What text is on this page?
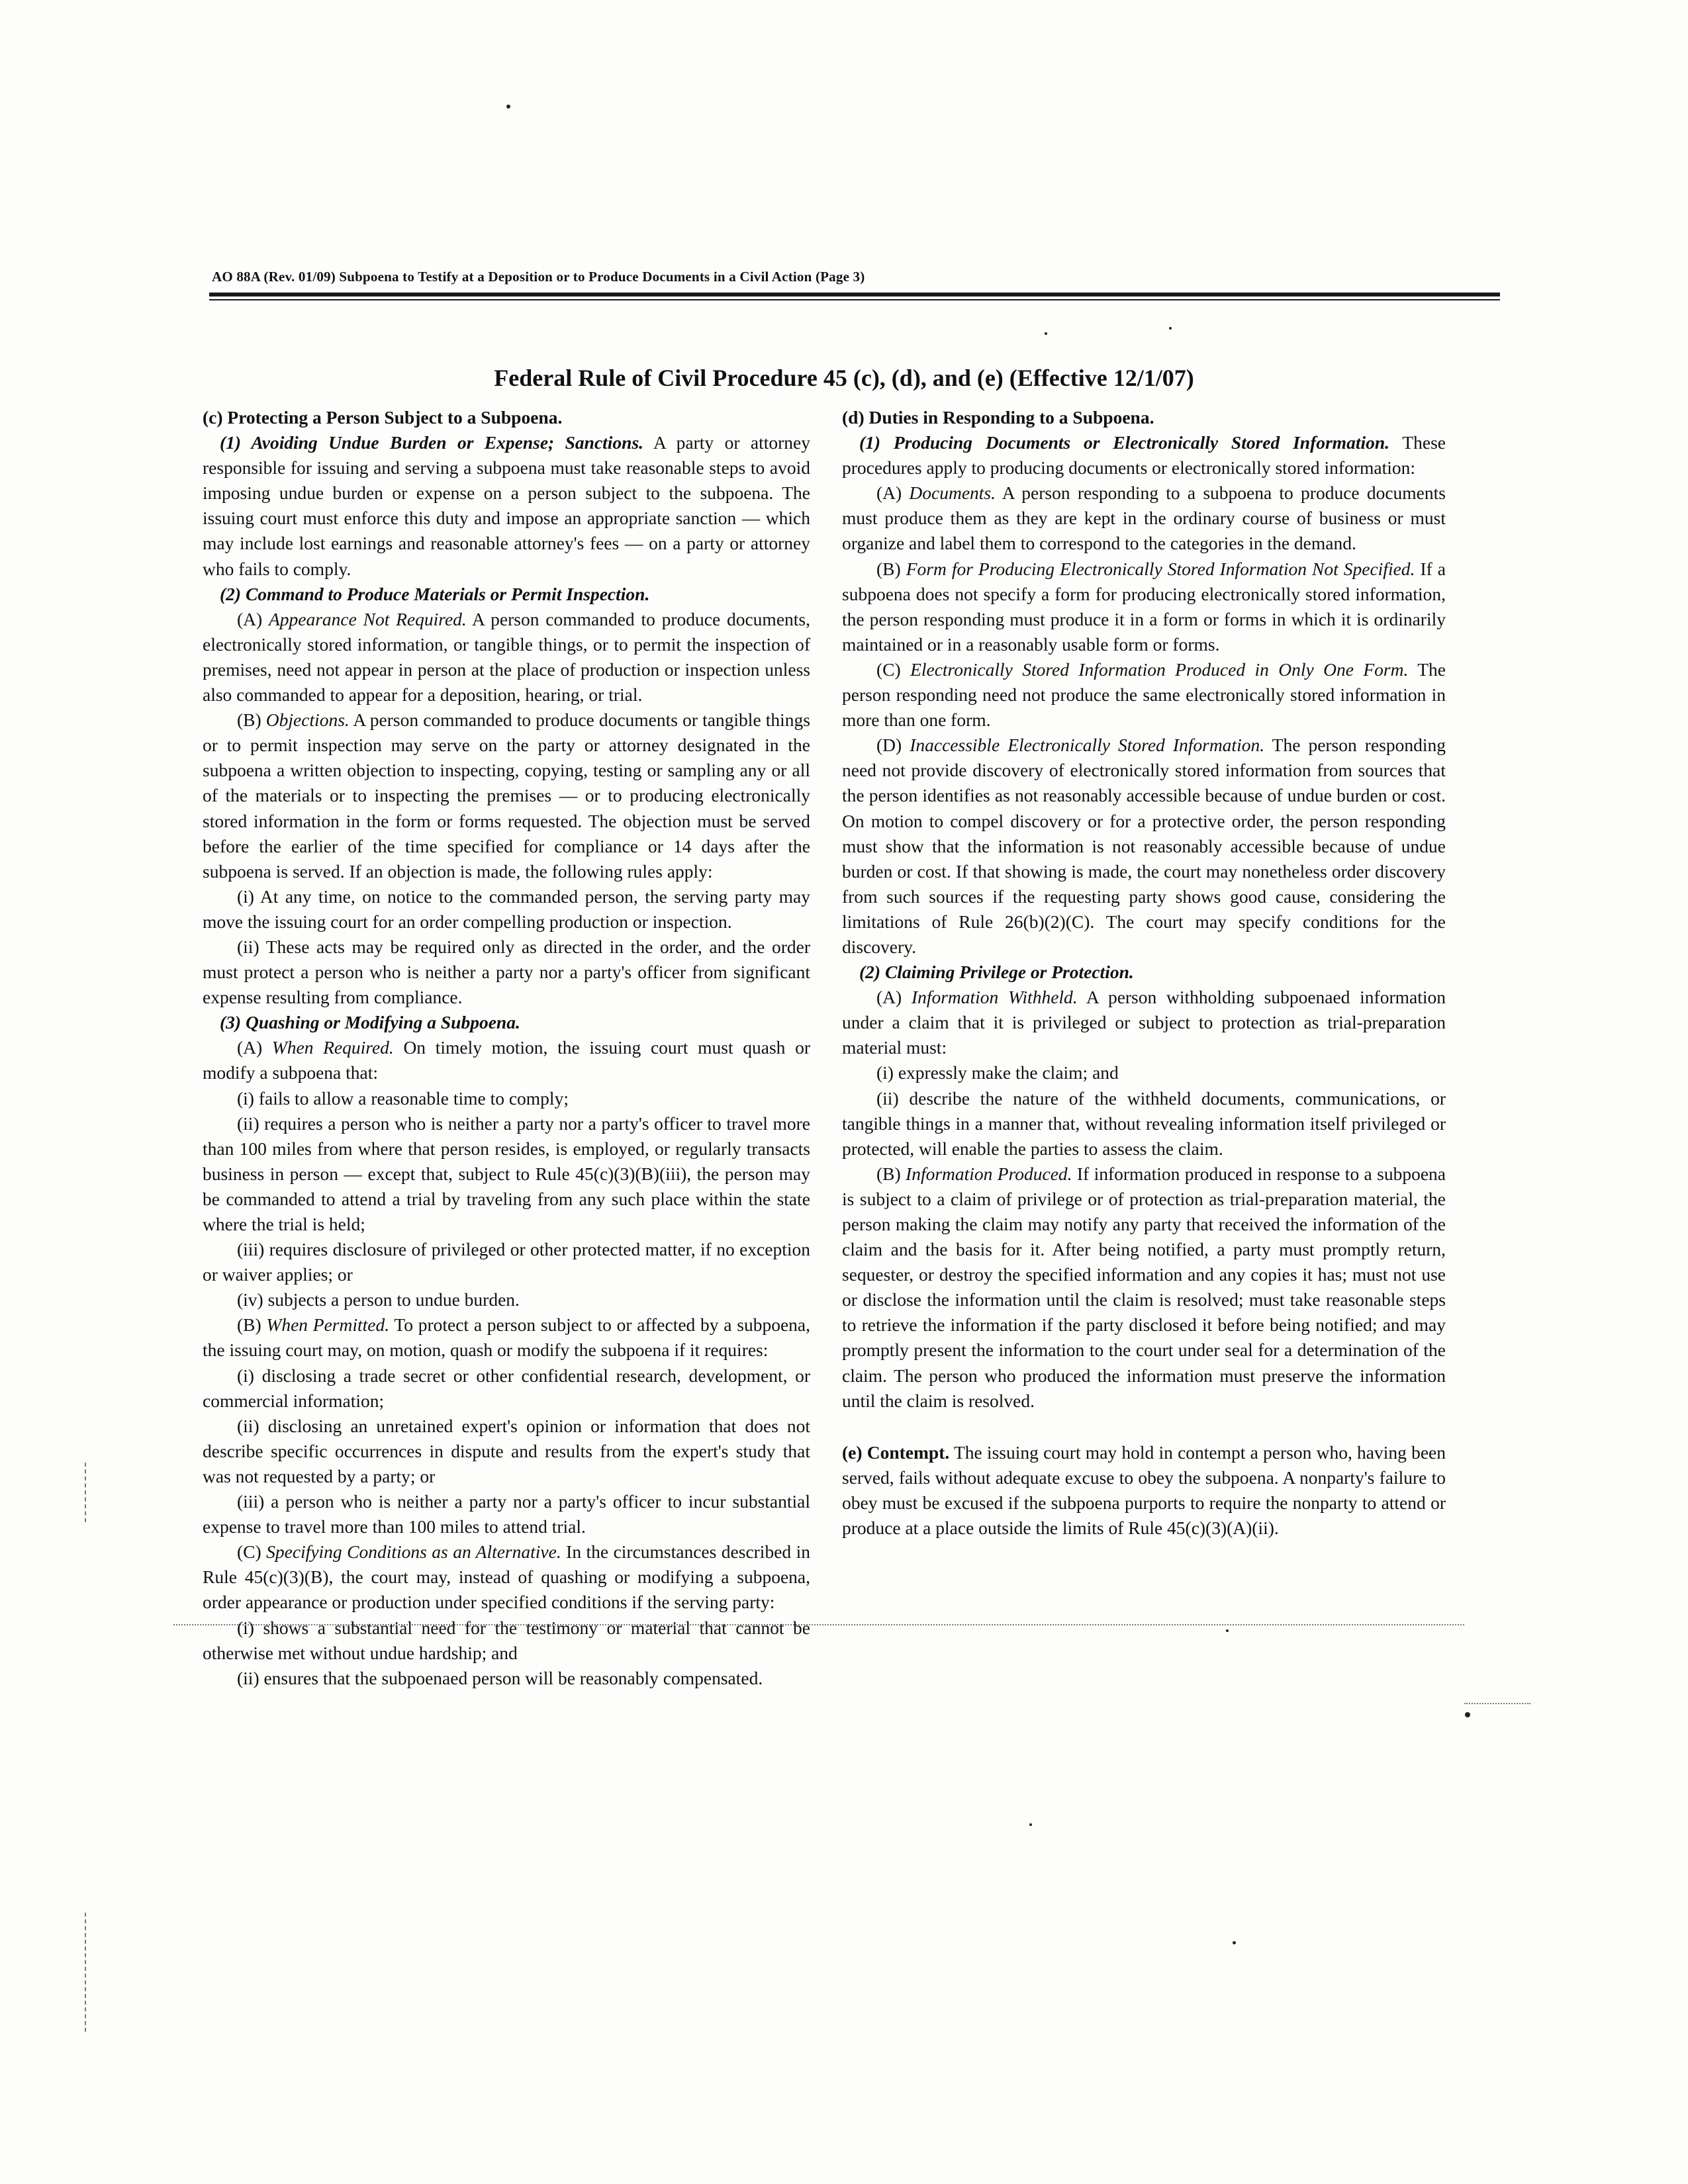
AO 88A (Rev. 01/09) Subpoena to Testify at a Deposition or to Produce Documents in a Civil Action (Page 3)
Federal Rule of Civil Procedure 45 (c), (d), and (e) (Effective 12/1/07)

(c) Protecting a Person Subject to a Subpoena.

(1) Avoiding Undue Burden or Expense; Sanctions. A party or attorney responsible for issuing and serving a subpoena must take reasonable steps to avoid imposing undue burden or expense on a person subject to the subpoena. The issuing court must enforce this duty and impose an appropriate sanction — which may include lost earnings and reasonable attorney's fees — on a party or attorney who fails to comply.

(2) Command to Produce Materials or Permit Inspection.

(A) Appearance Not Required. A person commanded to produce documents, electronically stored information, or tangible things, or to permit the inspection of premises, need not appear in person at the place of production or inspection unless also commanded to appear for a deposition, hearing, or trial.

(B) Objections. A person commanded to produce documents or tangible things or to permit inspection may serve on the party or attorney designated in the subpoena a written objection to inspecting, copying, testing or sampling any or all of the materials or to inspecting the premises — or to producing electronically stored information in the form or forms requested. The objection must be served before the earlier of the time specified for compliance or 14 days after the subpoena is served. If an objection is made, the following rules apply:

(i) At any time, on notice to the commanded person, the serving party may move the issuing court for an order compelling production or inspection.

(ii) These acts may be required only as directed in the order, and the order must protect a person who is neither a party nor a party's officer from significant expense resulting from compliance.

(3) Quashing or Modifying a Subpoena.

(A) When Required. On timely motion, the issuing court must quash or modify a subpoena that:

(i) fails to allow a reasonable time to comply;

(ii) requires a person who is neither a party nor a party's officer to travel more than 100 miles from where that person resides, is employed, or regularly transacts business in person — except that, subject to Rule 45(c)(3)(B)(iii), the person may be commanded to attend a trial by traveling from any such place within the state where the trial is held;

(iii) requires disclosure of privileged or other protected matter, if no exception or waiver applies; or

(iv) subjects a person to undue burden.

(B) When Permitted. To protect a person subject to or affected by a subpoena, the issuing court may, on motion, quash or modify the subpoena if it requires:

(i) disclosing a trade secret or other confidential research, development, or commercial information;

(ii) disclosing an unretained expert's opinion or information that does not describe specific occurrences in dispute and results from the expert's study that was not requested by a party; or

(iii) a person who is neither a party nor a party's officer to incur substantial expense to travel more than 100 miles to attend trial.

(C) Specifying Conditions as an Alternative. In the circumstances described in Rule 45(c)(3)(B), the court may, instead of quashing or modifying a subpoena, order appearance or production under specified conditions if the serving party:

(i) shows a substantial need for the testimony or material that cannot be otherwise met without undue hardship; and

(ii) ensures that the subpoenaed person will be reasonably compensated.

(d) Duties in Responding to a Subpoena.

(1) Producing Documents or Electronically Stored Information. These procedures apply to producing documents or electronically stored information:

(A) Documents. A person responding to a subpoena to produce documents must produce them as they are kept in the ordinary course of business or must organize and label them to correspond to the categories in the demand.

(B) Form for Producing Electronically Stored Information Not Specified. If a subpoena does not specify a form for producing electronically stored information, the person responding must produce it in a form or forms in which it is ordinarily maintained or in a reasonably usable form or forms.

(C) Electronically Stored Information Produced in Only One Form. The person responding need not produce the same electronically stored information in more than one form.

(D) Inaccessible Electronically Stored Information. The person responding need not provide discovery of electronically stored information from sources that the person identifies as not reasonably accessible because of undue burden or cost. On motion to compel discovery or for a protective order, the person responding must show that the information is not reasonably accessible because of undue burden or cost. If that showing is made, the court may nonetheless order discovery from such sources if the requesting party shows good cause, considering the limitations of Rule 26(b)(2)(C). The court may specify conditions for the discovery.

(2) Claiming Privilege or Protection.

(A) Information Withheld. A person withholding subpoenaed information under a claim that it is privileged or subject to protection as trial-preparation material must:

(i) expressly make the claim; and

(ii) describe the nature of the withheld documents, communications, or tangible things in a manner that, without revealing information itself privileged or protected, will enable the parties to assess the claim.

(B) Information Produced. If information produced in response to a subpoena is subject to a claim of privilege or of protection as trial-preparation material, the person making the claim may notify any party that received the information of the claim and the basis for it. After being notified, a party must promptly return, sequester, or destroy the specified information and any copies it has; must not use or disclose the information until the claim is resolved; must take reasonable steps to retrieve the information if the party disclosed it before being notified; and may promptly present the information to the court under seal for a determination of the claim. The person who produced the information must preserve the information until the claim is resolved.

(e) Contempt. The issuing court may hold in contempt a person who, having been served, fails without adequate excuse to obey the subpoena. A nonparty's failure to obey must be excused if the subpoena purports to require the nonparty to attend or produce at a place outside the limits of Rule 45(c)(3)(A)(ii).
